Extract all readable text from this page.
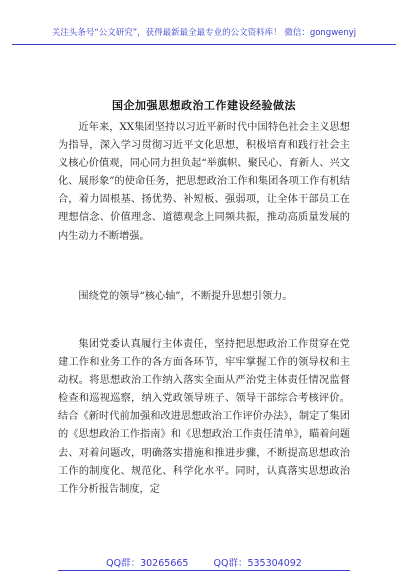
关注头条号“公文研究”，获得最新最全最专业的公文资料库！ 微信：gongwenyj
国企加强思想政治工作建设经验做法

近年来，XX集团坚持以习近平新时代中国特色社会主义思想为指导，深入学习贯彻习近平文化思想，积极培育和践行社会主义核心价值观，同心同力担负起“举旗帜、聚民心、育新人、兴文化、展形象”的使命任务，把思想政治工作和集团各项工作有机结合，着力固根基、扬优势、补短板、强弱项，让全体干部员工在理想信念、价值理念、道德观念上同频共振，推动高质量发展的内生动力不断增强。

围绕党的领导“核心轴”，不断提升思想引领力。

集团党委认真履行主体责任，坚持把思想政治工作贯穿在党建工作和业务工作的各方面各环节，牢牢掌握工作的领导权和主动权。将思想政治工作纳入落实全面从严治党主体责任情况监督检查和巡视巡察，纳入党政领导班子、领导干部综合考核评价。结合《新时代前加强和改进思想政治工作评价办法》，制定了集团的《思想政治工作指南》和《思想政治工作责任清单》，瞄着问题去、对着问题改，明确落实措施和推进步骤，不断提高思想政治工作的制度化、规范化、科学化水平。同时，认真落实思想政治工作分析报告制度，定

QQ群：30265665	QQ群：535304092
